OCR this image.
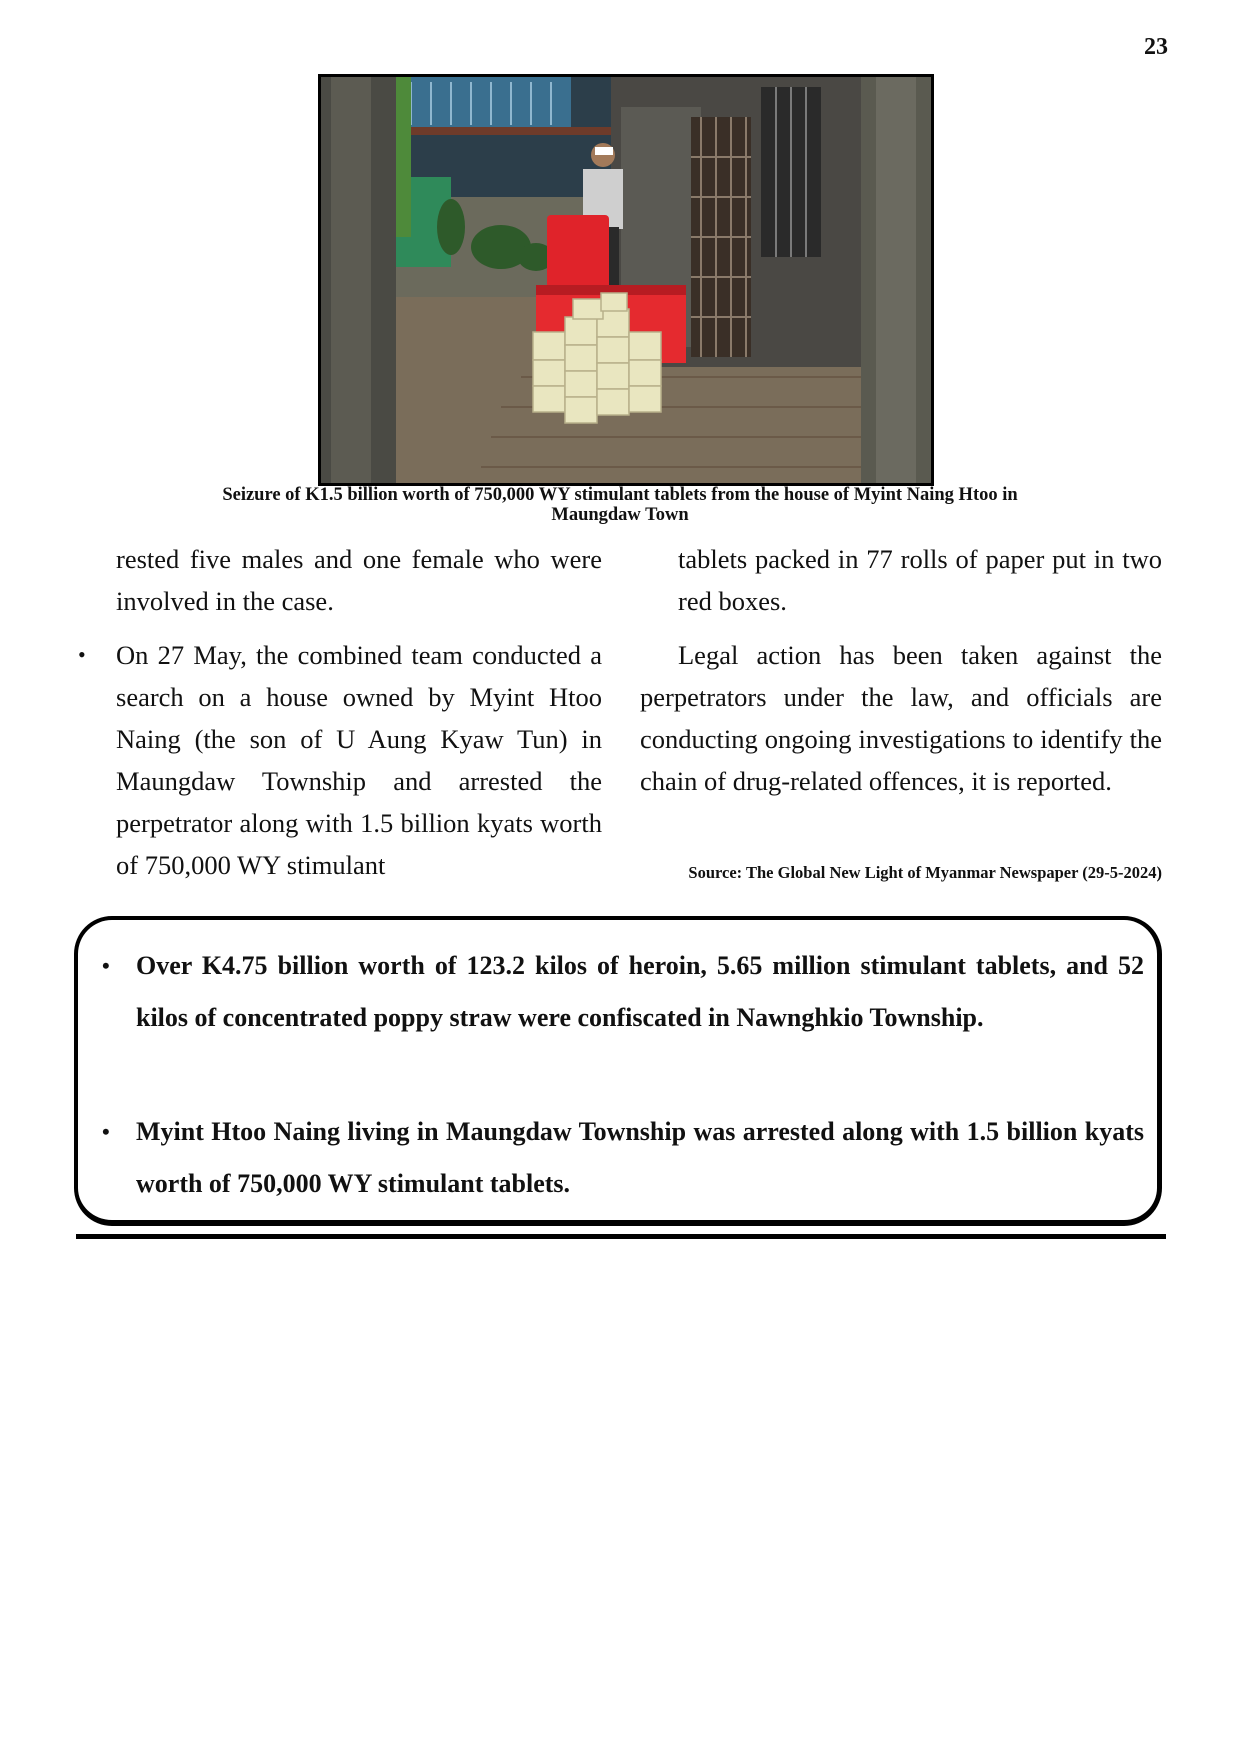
23
Seizure of K1.5 billion worth of 750,000 WY stimulant tablets from the house of Myint Naing Htoo in Maungdaw Town

rested five males and one female who were involved in the case.

• On 27 May, the combined team conducted a search on a house owned by Myint Htoo Naing (the son of U Aung Kyaw Tun) in Maungdaw Township and arrested the perpetrator along with 1.5 billion kyats worth of 750,000 WY stimulant

tablets packed in 77 rolls of paper put in two red boxes.

Legal action has been taken against the perpetrators under the law, and officials are conducting ongoing investigations to identify the chain of drug-related offences, it is reported.

Source: The Global New Light of Myanmar Newspaper (29-5-2024)
• Over K4.75 billion worth of 123.2 kilos of heroin, 5.65 million stimulant tablets, and 52 kilos of concentrated poppy straw were confiscated in Nawnghkio Township.
• Myint Htoo Naing living in Maungdaw Township was arrested along with 1.5 billion kyats worth of 750,000 WY stimulant tablets.
